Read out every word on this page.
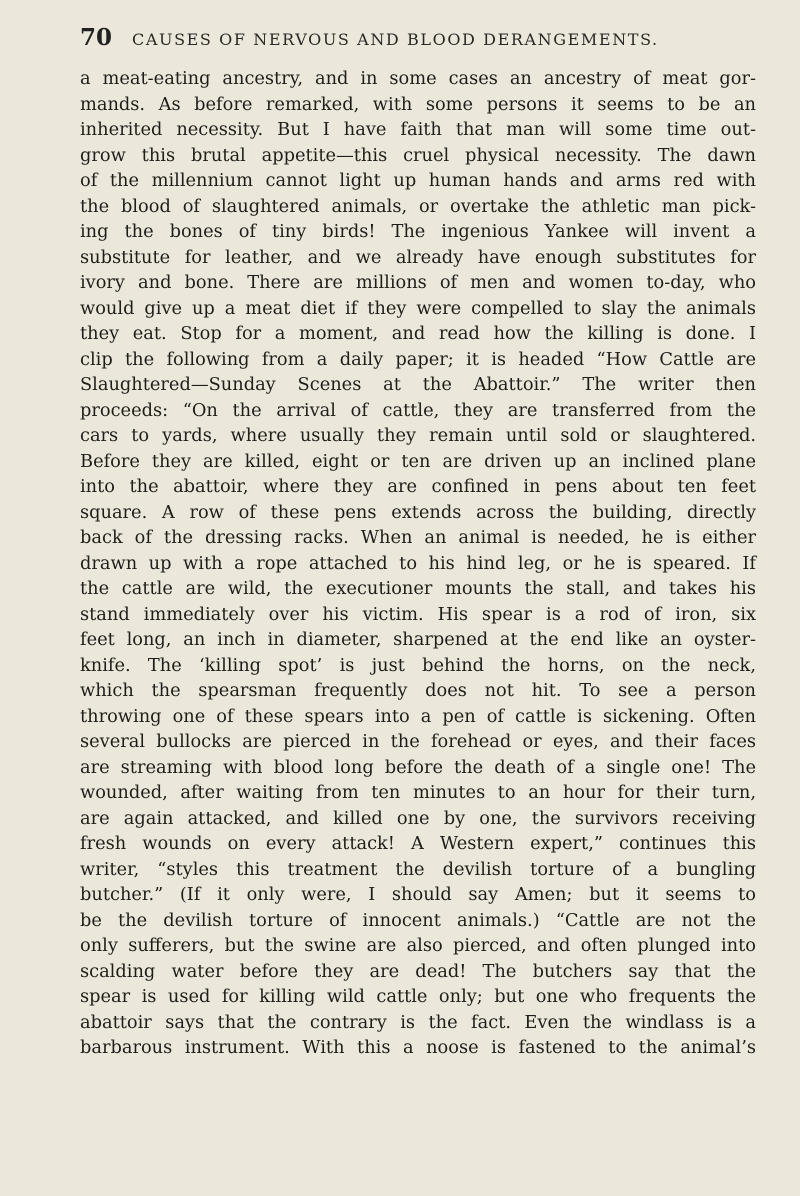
70 CAUSES OF NERVOUS AND BLOOD DERANGEMENTS.
a meat-eating ancestry, and in some cases an ancestry of meat gor-
mands. As before remarked, with some persons it seems to be an
inherited necessity. But I have faith that man will some time out-
grow this brutal appetite—this cruel physical necessity. The dawn
of the millennium cannot light up human hands and arms red with
the blood of slaughtered animals, or overtake the athletic man pick-
ing the bones of tiny birds! The ingenious Yankee will invent a
substitute for leather, and we already have enough substitutes for
ivory and bone. There are millions of men and women to-day, who
would give up a meat diet if they were compelled to slay the animals
they eat. Stop for a moment, and read how the killing is done. I
clip the following from a daily paper; it is headed “How Cattle are
Slaughtered—Sunday Scenes at the Abattoir.” The writer then
proceeds: “On the arrival of cattle, they are transferred from the
cars to yards, where usually they remain until sold or slaughtered.
Before they are killed, eight or ten are driven up an inclined plane
into the abattoir, where they are confined in pens about ten feet
square. A row of these pens extends across the building, directly
back of the dressing racks. When an animal is needed, he is either
drawn up with a rope attached to his hind leg, or he is speared. If
the cattle are wild, the executioner mounts the stall, and takes his
stand immediately over his victim. His spear is a rod of iron, six
feet long, an inch in diameter, sharpened at the end like an oyster-
knife. The ‘killing spot’ is just behind the horns, on the neck,
which the spearsman frequently does not hit. To see a person
throwing one of these spears into a pen of cattle is sickening. Often
several bullocks are pierced in the forehead or eyes, and their faces
are streaming with blood long before the death of a single one! The
wounded, after waiting from ten minutes to an hour for their turn,
are again attacked, and killed one by one, the survivors receiving
fresh wounds on every attack! A Western expert,” continues this
writer, “styles this treatment the devilish torture of a bungling
butcher.” (If it only were, I should say Amen; but it seems to
be the devilish torture of innocent animals.) “Cattle are not the
only sufferers, but the swine are also pierced, and often plunged into
scalding water before they are dead! The butchers say that the
spear is used for killing wild cattle only; but one who frequents the
abattoir says that the contrary is the fact. Even the windlass is a
barbarous instrument. With this a noose is fastened to the animal’s
